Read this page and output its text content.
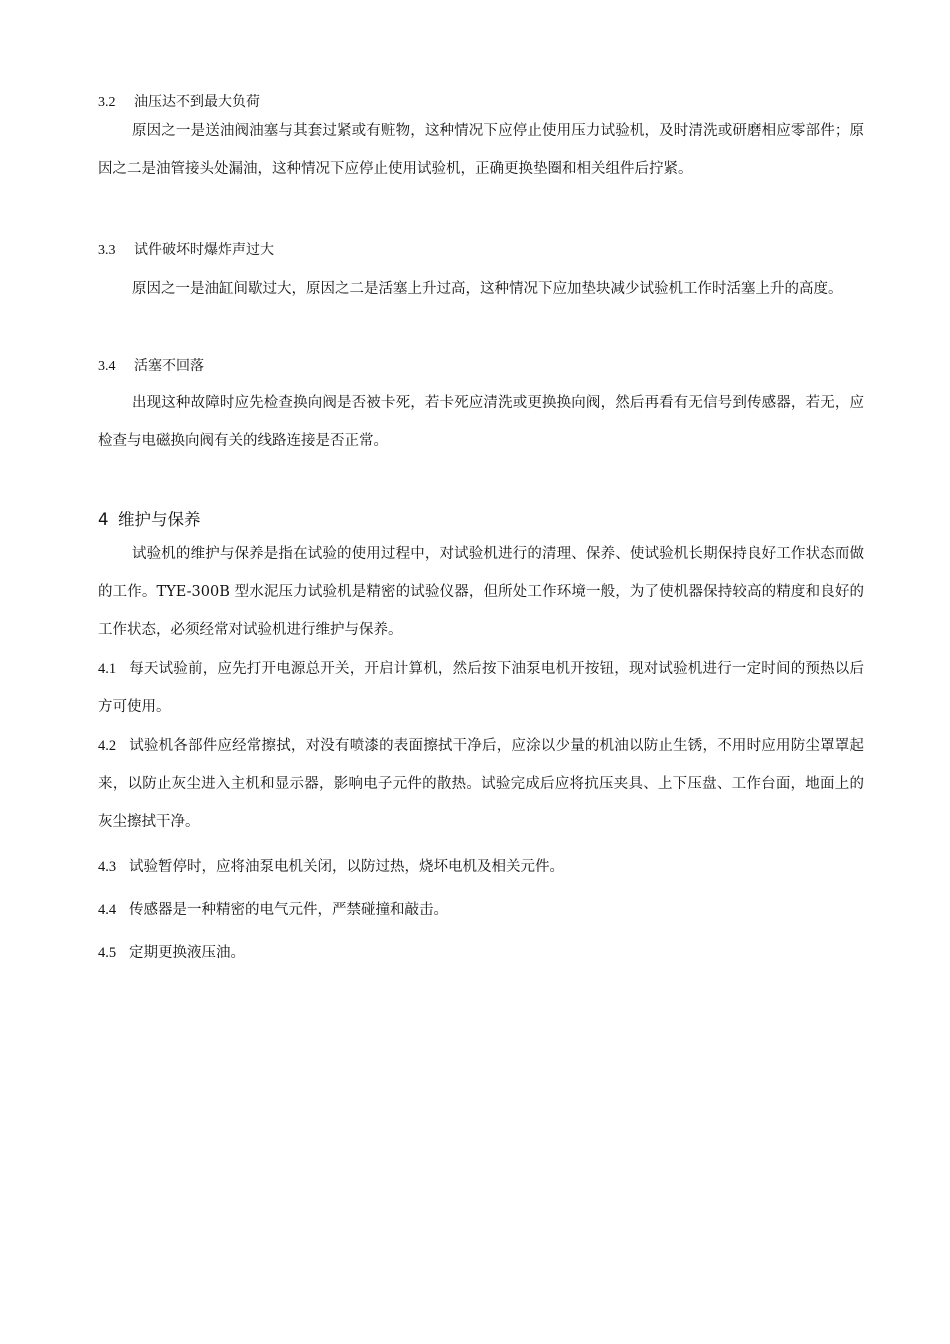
3.2 油压达不到最大负荷

原因之一是送油阀油塞与其套过紧或有赃物，这种情况下应停止使用压力试验机，及时清洗或研磨相应零部件；原因之二是油管接头处漏油，这种情况下应停止使用试验机，正确更换垫圈和相关组件后拧紧。

3.3 试件破坏时爆炸声过大

原因之一是油缸间歇过大，原因之二是活塞上升过高，这种情况下应加垫块减少试验机工作时活塞上升的高度。

3.4 活塞不回落

出现这种故障时应先检查换向阀是否被卡死，若卡死应清洗或更换换向阀，然后再看有无信号到传感器，若无，应检查与电磁换向阀有关的线路连接是否正常。

4 维护与保养

试验机的维护与保养是指在试验的使用过程中，对试验机进行的清理、保养、使试验机长期保持良好工作状态而做的工作。TYE-300B 型水泥压力试验机是精密的试验仪器，但所处工作环境一般，为了使机器保持较高的精度和良好的工作状态，必须经常对试验机进行维护与保养。

4.1 每天试验前，应先打开电源总开关，开启计算机，然后按下油泵电机开按钮，现对试验机进行一定时间的预热以后方可使用。

4.2 试验机各部件应经常擦拭，对没有喷漆的表面擦拭干净后，应涂以少量的机油以防止生锈，不用时应用防尘罩罩起来，以防止灰尘进入主机和显示器，影响电子元件的散热。试验完成后应将抗压夹具、上下压盘、工作台面，地面上的灰尘擦拭干净。

4.3 试验暂停时，应将油泵电机关闭，以防过热，烧坏电机及相关元件。

4.4 传感器是一种精密的电气元件，严禁碰撞和敲击。

4.5 定期更换液压油。
